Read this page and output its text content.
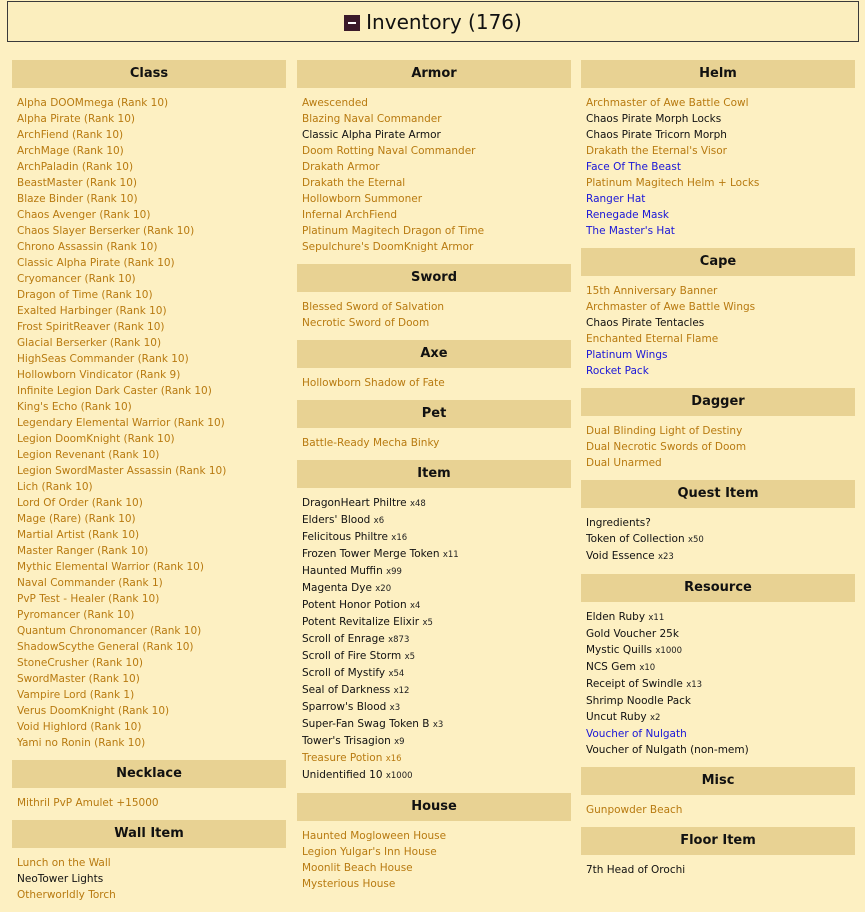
Inventory (176)
Class
Alpha DOOMmega (Rank 10)
Alpha Pirate (Rank 10)
ArchFiend (Rank 10)
ArchMage (Rank 10)
ArchPaladin (Rank 10)
BeastMaster (Rank 10)
Blaze Binder (Rank 10)
Chaos Avenger (Rank 10)
Chaos Slayer Berserker (Rank 10)
Chrono Assassin (Rank 10)
Classic Alpha Pirate (Rank 10)
Cryomancer (Rank 10)
Dragon of Time (Rank 10)
Exalted Harbinger (Rank 10)
Frost SpiritReaver (Rank 10)
Glacial Berserker (Rank 10)
HighSeas Commander (Rank 10)
Hollowborn Vindicator (Rank 9)
Infinite Legion Dark Caster (Rank 10)
King's Echo (Rank 10)
Legendary Elemental Warrior (Rank 10)
Legion DoomKnight (Rank 10)
Legion Revenant (Rank 10)
Legion SwordMaster Assassin (Rank 10)
Lich (Rank 10)
Lord Of Order (Rank 10)
Mage (Rare) (Rank 10)
Martial Artist (Rank 10)
Master Ranger (Rank 10)
Mythic Elemental Warrior (Rank 10)
Naval Commander (Rank 1)
PvP Test - Healer (Rank 10)
Pyromancer (Rank 10)
Quantum Chronomancer (Rank 10)
ShadowScythe General (Rank 10)
StoneCrusher (Rank 10)
SwordMaster (Rank 10)
Vampire Lord (Rank 1)
Verus DoomKnight (Rank 10)
Void Highlord (Rank 10)
Yami no Ronin (Rank 10)
Necklace
Mithril PvP Amulet +15000
Wall Item
Lunch on the Wall
NeoTower Lights
Otherworldly Torch
Armor
Awescended
Blazing Naval Commander
Classic Alpha Pirate Armor
Doom Rotting Naval Commander
Drakath Armor
Drakath the Eternal
Hollowborn Summoner
Infernal ArchFiend
Platinum Magitech Dragon of Time
Sepulchure's DoomKnight Armor
Sword
Blessed Sword of Salvation
Necrotic Sword of Doom
Axe
Hollowborn Shadow of Fate
Pet
Battle-Ready Mecha Binky
Item
DragonHeart Philtre x48
Elders' Blood x6
Felicitous Philtre x16
Frozen Tower Merge Token x11
Haunted Muffin x99
Magenta Dye x20
Potent Honor Potion x4
Potent Revitalize Elixir x5
Scroll of Enrage x873
Scroll of Fire Storm x5
Scroll of Mystify x54
Seal of Darkness x12
Sparrow's Blood x3
Super-Fan Swag Token B x3
Tower's Trisagion x9
Treasure Potion x16
Unidentified 10 x1000
House
Haunted Mogloween House
Legion Yulgar's Inn House
Moonlit Beach House
Mysterious House
Helm
Archmaster of Awe Battle Cowl
Chaos Pirate Morph Locks
Chaos Pirate Tricorn Morph
Drakath the Eternal's Visor
Face Of The Beast
Platinum Magitech Helm + Locks
Ranger Hat
Renegade Mask
The Master's Hat
Cape
15th Anniversary Banner
Archmaster of Awe Battle Wings
Chaos Pirate Tentacles
Enchanted Eternal Flame
Platinum Wings
Rocket Pack
Dagger
Dual Blinding Light of Destiny
Dual Necrotic Swords of Doom
Dual Unarmed
Quest Item
Ingredients?
Token of Collection x50
Void Essence x23
Resource
Elden Ruby x11
Gold Voucher 25k
Mystic Quills x1000
NCS Gem x10
Receipt of Swindle x13
Shrimp Noodle Pack
Uncut Ruby x2
Voucher of Nulgath
Voucher of Nulgath (non-mem)
Misc
Gunpowder Beach
Floor Item
7th Head of Orochi
